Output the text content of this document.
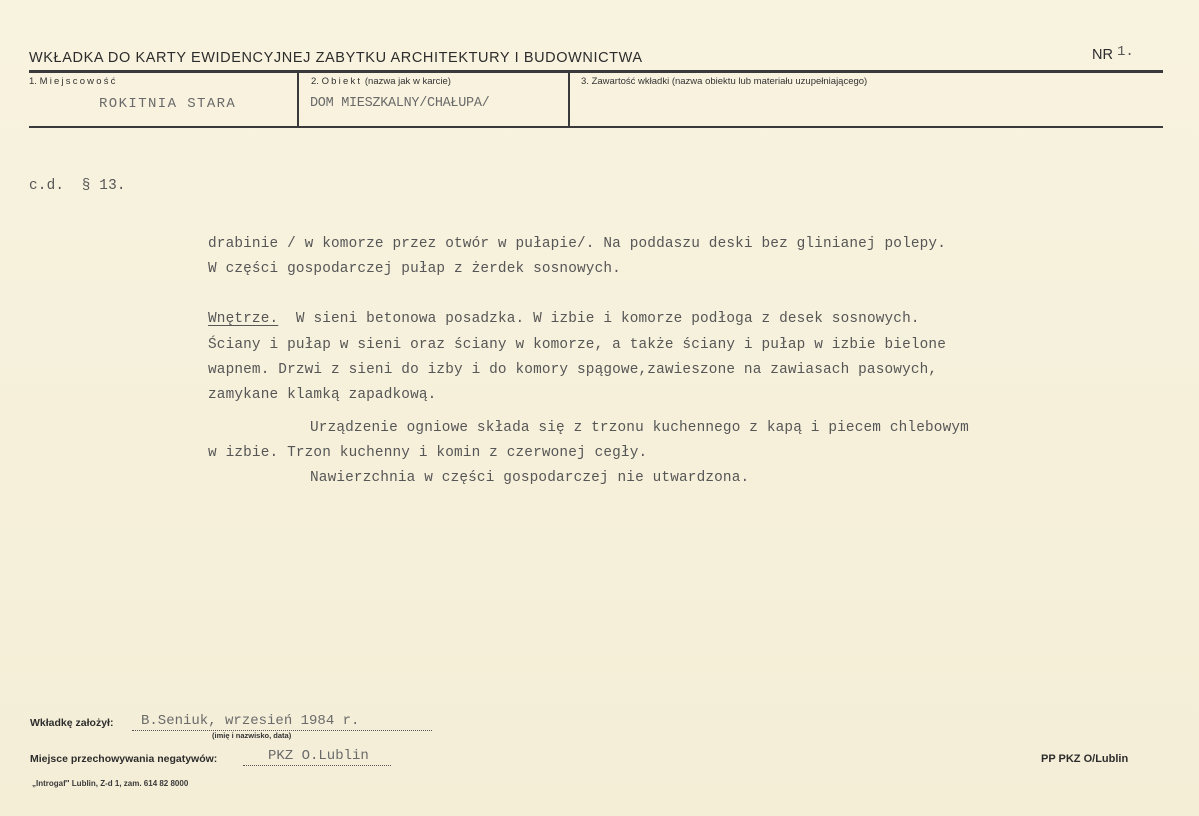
WKŁADKA DO KARTY EWIDENCYJNEJ ZABYTKU ARCHITEKTURY I BUDOWNICTWA	NR 1.
1. Miejscowość
ROKITNIA STARA
2. Obiekt (nazwa jak w karcie)
DOM MIESZKALNY/CHAŁUPA/
3. Zawartość wkładki (nazwa obiektu lub materiału uzupełniającego)
c.d.  § 13.
drabinie / w komorze przez otwór w pułapie/. Na poddaszu deski bez glinianej polepy.
W części gospodarczej pułap z żerdek sosnowych.
Wnętrze. W sieni betonowa posadzka. W izbie i komorze podłoga z desek sosnowych.
Ściany i pułap w sieni oraz ściany w komorze, a także ściany i pułap w izbie bielone
wapnem. Drzwi z sieni do izby i do komory spągowe,zawieszone na zawiasach pasowych,
zamykane klamką zapadkową.
Urządzenie ogniowe składa się z trzonu kuchennego z kapą i piecem chlebowym
w izbie. Trzon kuchenny i komin z czerwonej cegły.
Nawierzchnia w części gospodarczej nie utwardzona.
Wkładkę założył: B.Seniuk, wrzesień 1984 r.
(imię i nazwisko, data)
Miejsce przechowywania negatywów:	PKZ O.Lublin
„Introgaf" Lublin, Z-d 1, zam. 614 82 8000
PP PKZ O/Lublin
